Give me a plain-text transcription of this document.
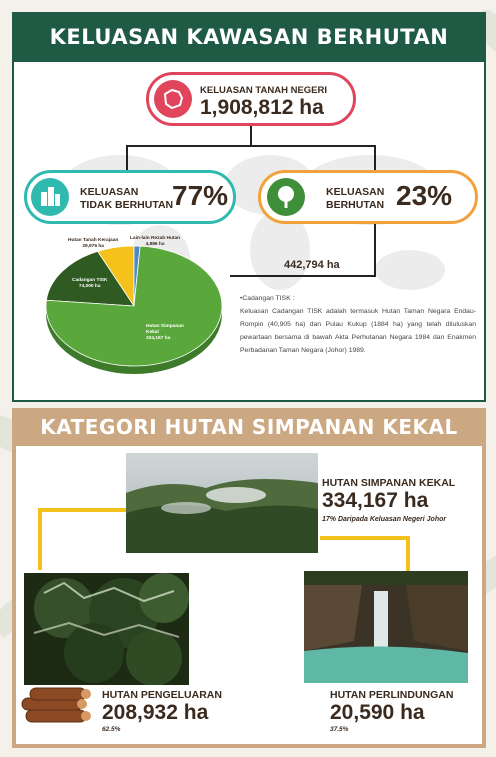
KELUASAN KAWASAN BERHUTAN
KELUASAN TANAH NEGERI
1,908,812 ha
KELUASAN
TIDAK BERHUTAN
77%	KELUASAN
BERHUTAN 23%
442,794 ha
Hutan Tanah Kerajaan
29,975 ha
Lain-lain Rezab Hutan
4,886 ha
Cadangan TISK
74,000 ha
Hutan Simpanan
Kekal
334,167 ha
•Cadangan TISK :
Keluasan Cadangan TISK adalah termasuk Hutan Taman Negara Endau-Rompin (40,905 ha) dan Pulau Kukup (1884 ha) yang telah diluluskan pewartaan bersama di bawah Akta Perhutanan Negara 1984 dan Enakmen Perbadanan Taman Negara (Johor) 1989.
KATEGORI HUTAN SIMPANAN KEKAL
HUTAN SIMPANAN KEKAL
334,167 ha
17% Daripada Keluasan Negeri Johor
HUTAN PENGELUARAN
208,932 ha
62.5%
HUTAN PERLINDUNGAN
20,590 ha
37.5%
